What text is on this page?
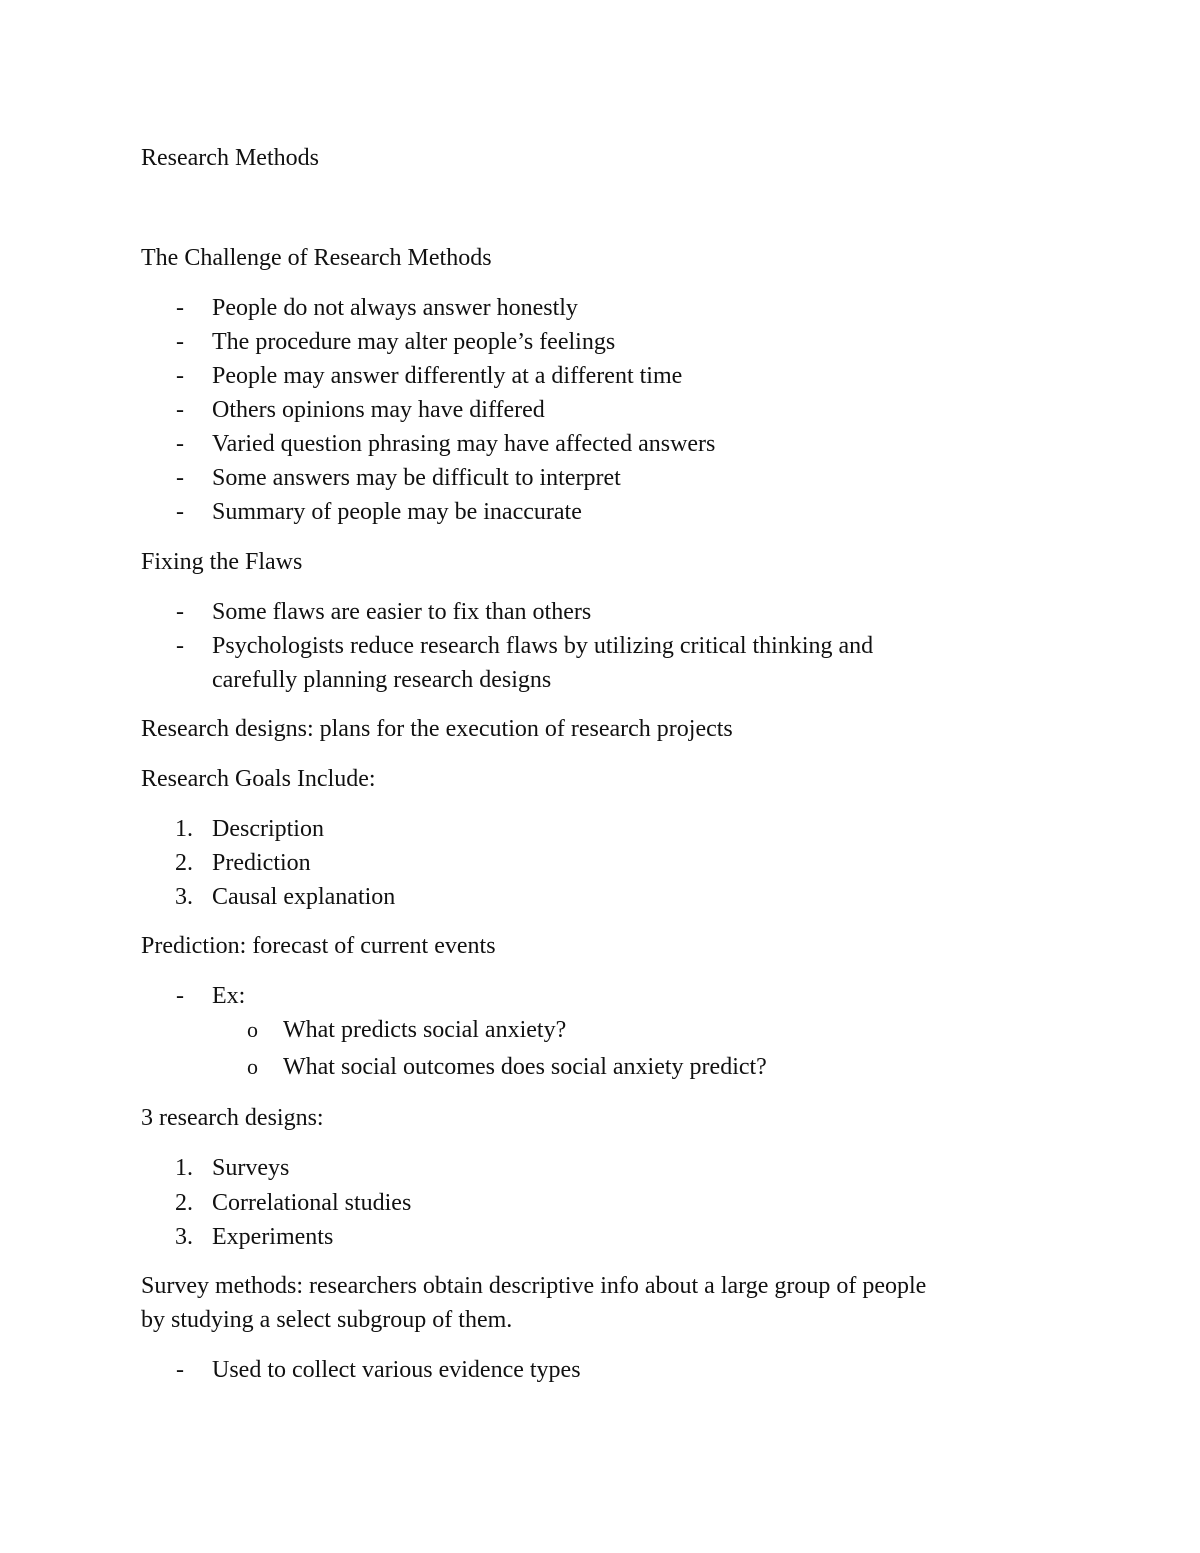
Research Methods
The Challenge of Research Methods
- People do not always answer honestly
- The procedure may alter people’s feelings
- People may answer differently at a different time
- Others opinions may have differed
- Varied question phrasing may have affected answers
- Some answers may be difficult to interpret
- Summary of people may be inaccurate
Fixing the Flaws
- Some flaws are easier to fix than others
- Psychologists reduce research flaws by utilizing critical thinking and
carefully planning research designs
Research designs: plans for the execution of research projects
Research Goals Include:
1. Description
2. Prediction
3. Causal explanation
Prediction: forecast of current events
- Ex:
o What predicts social anxiety?
o What social outcomes does social anxiety predict?
3 research designs:
1. Surveys
2. Correlational studies
3. Experiments
Survey methods: researchers obtain descriptive info about a large group of people
by studying a select subgroup of them.
- Used to collect various evidence types
